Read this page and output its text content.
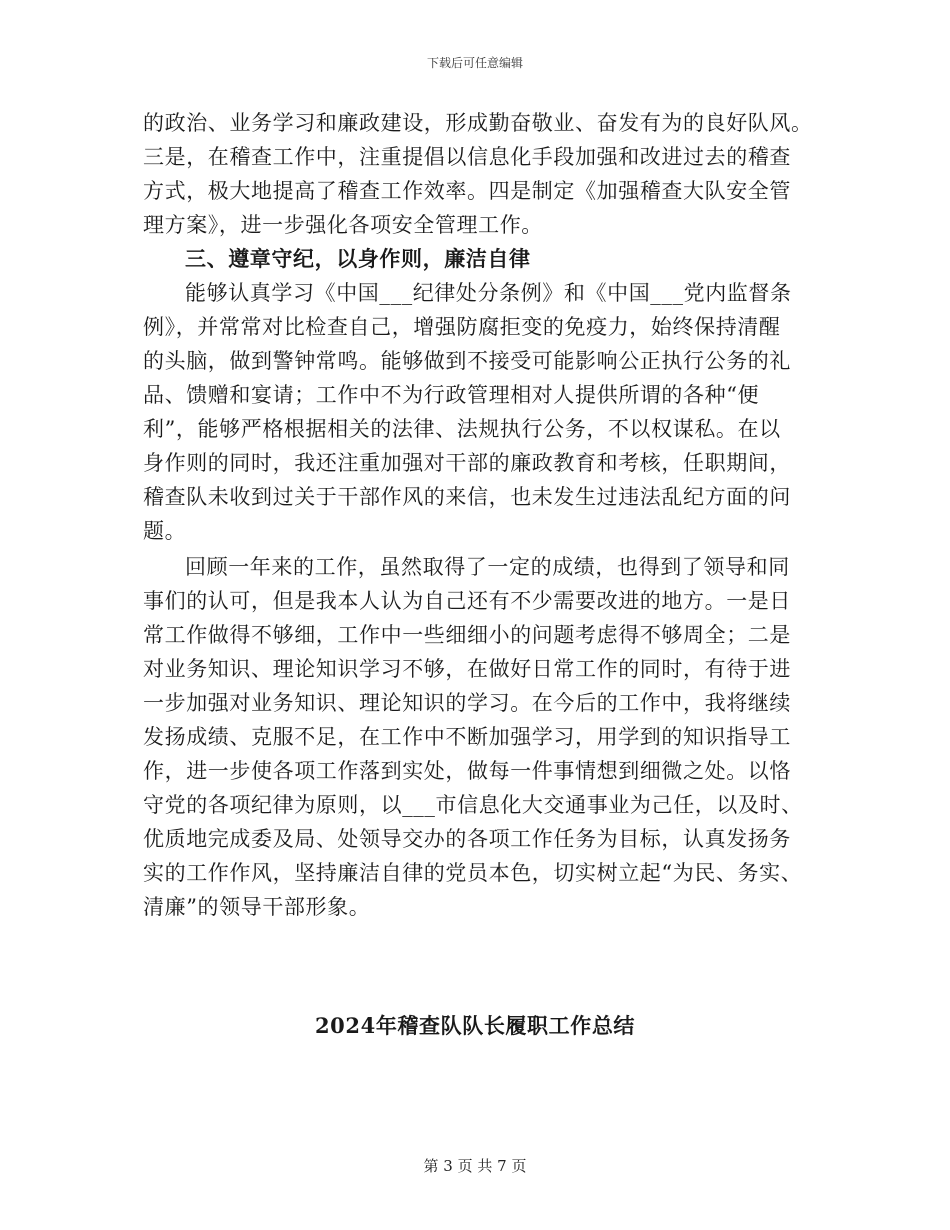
下载后可任意编辑
的政治、业务学习和廉政建设，形成勤奋敬业、奋发有为的良好队风。
三是，在稽查工作中，注重提倡以信息化手段加强和改进过去的稽查
方式，极大地提高了稽查工作效率。四是制定《加强稽查大队安全管
理方案》，进一步强化各项安全管理工作。
三、遵章守纪，以身作则，廉洁自律
能够认真学习《中国___纪律处分条例》和《中国___党内监督条
例》，并常常对比检查自己，增强防腐拒变的免疫力，始终保持清醒
的头脑，做到警钟常鸣。能够做到不接受可能影响公正执行公务的礼
品、馈赠和宴请；工作中不为行政管理相对人提供所谓的各种“便
利”，能够严格根据相关的法律、法规执行公务，不以权谋私。在以
身作则的同时，我还注重加强对干部的廉政教育和考核，任职期间，
稽查队未收到过关于干部作风的来信，也未发生过违法乱纪方面的问
题。
回顾一年来的工作，虽然取得了一定的成绩，也得到了领导和同
事们的认可，但是我本人认为自己还有不少需要改进的地方。一是日
常工作做得不够细，工作中一些细细小的问题考虑得不够周全；二是
对业务知识、理论知识学习不够，在做好日常工作的同时，有待于进
一步加强对业务知识、理论知识的学习。在今后的工作中，我将继续
发扬成绩、克服不足，在工作中不断加强学习，用学到的知识指导工
作，进一步使各项工作落到实处，做每一件事情想到细微之处。以恪
守党的各项纪律为原则，以___市信息化大交通事业为己任，以及时、
优质地完成委及局、处领导交办的各项工作任务为目标，认真发扬务
实的工作作风，坚持廉洁自律的党员本色，切实树立起“为民、务实、
清廉”的领导干部形象。
2024年稽查队队长履职工作总结
第 3 页 共 7 页
